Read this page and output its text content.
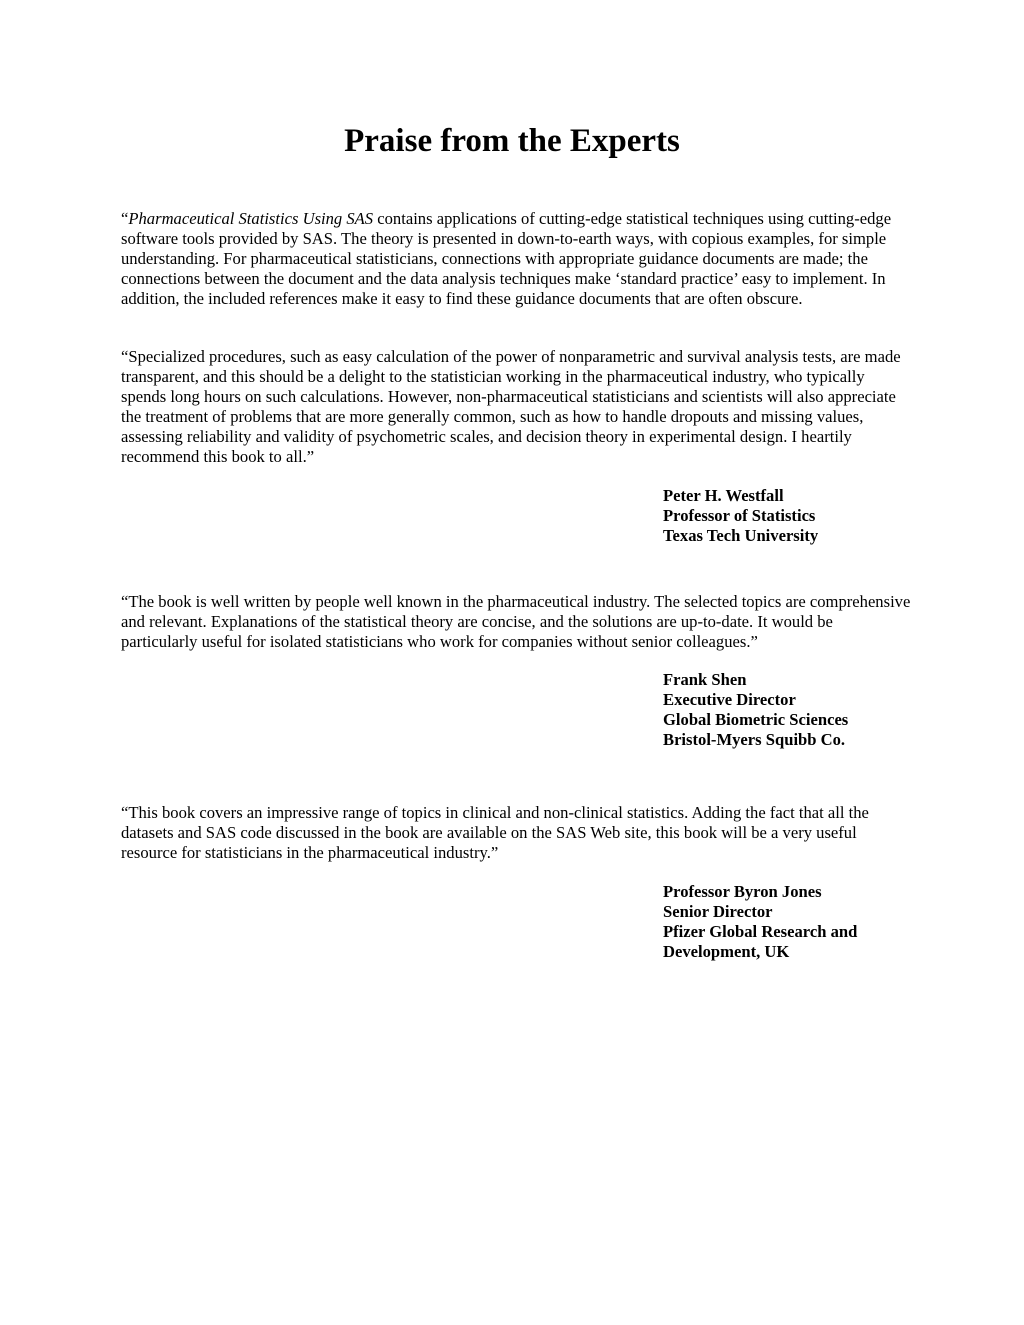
Praise from the Experts

“Pharmaceutical Statistics Using SAS contains applications of cutting-edge statistical techniques using cutting-edge software tools provided by SAS. The theory is presented in down-to-earth ways, with copious examples, for simple understanding. For pharmaceutical statisticians, connections with appropriate guidance documents are made; the connections between the document and the data analysis techniques make ‘standard practice’ easy to implement. In addition, the included references make it easy to find these guidance documents that are often obscure.

“Specialized procedures, such as easy calculation of the power of nonparametric and survival analysis tests, are made transparent, and this should be a delight to the statistician working in the pharmaceutical industry, who typically spends long hours on such calculations. However, non-pharmaceutical statisticians and scientists will also appreciate the treatment of problems that are more generally common, such as how to handle dropouts and missing values, assessing reliability and validity of psychometric scales, and decision theory in experimental design. I heartily recommend this book to all.”

Peter H. Westfall
Professor of Statistics
Texas Tech University

“The book is well written by people well known in the pharmaceutical industry. The selected topics are comprehensive and relevant. Explanations of the statistical theory are concise, and the solutions are up-to-date. It would be particularly useful for isolated statisticians who work for companies without senior colleagues.”

Frank Shen
Executive Director
Global Biometric Sciences
Bristol-Myers Squibb Co.

“This book covers an impressive range of topics in clinical and non-clinical statistics. Adding the fact that all the datasets and SAS code discussed in the book are available on the SAS Web site, this book will be a very useful resource for statisticians in the pharmaceutical industry.”

Professor Byron Jones
Senior Director
Pfizer Global Research and
Development, UK
